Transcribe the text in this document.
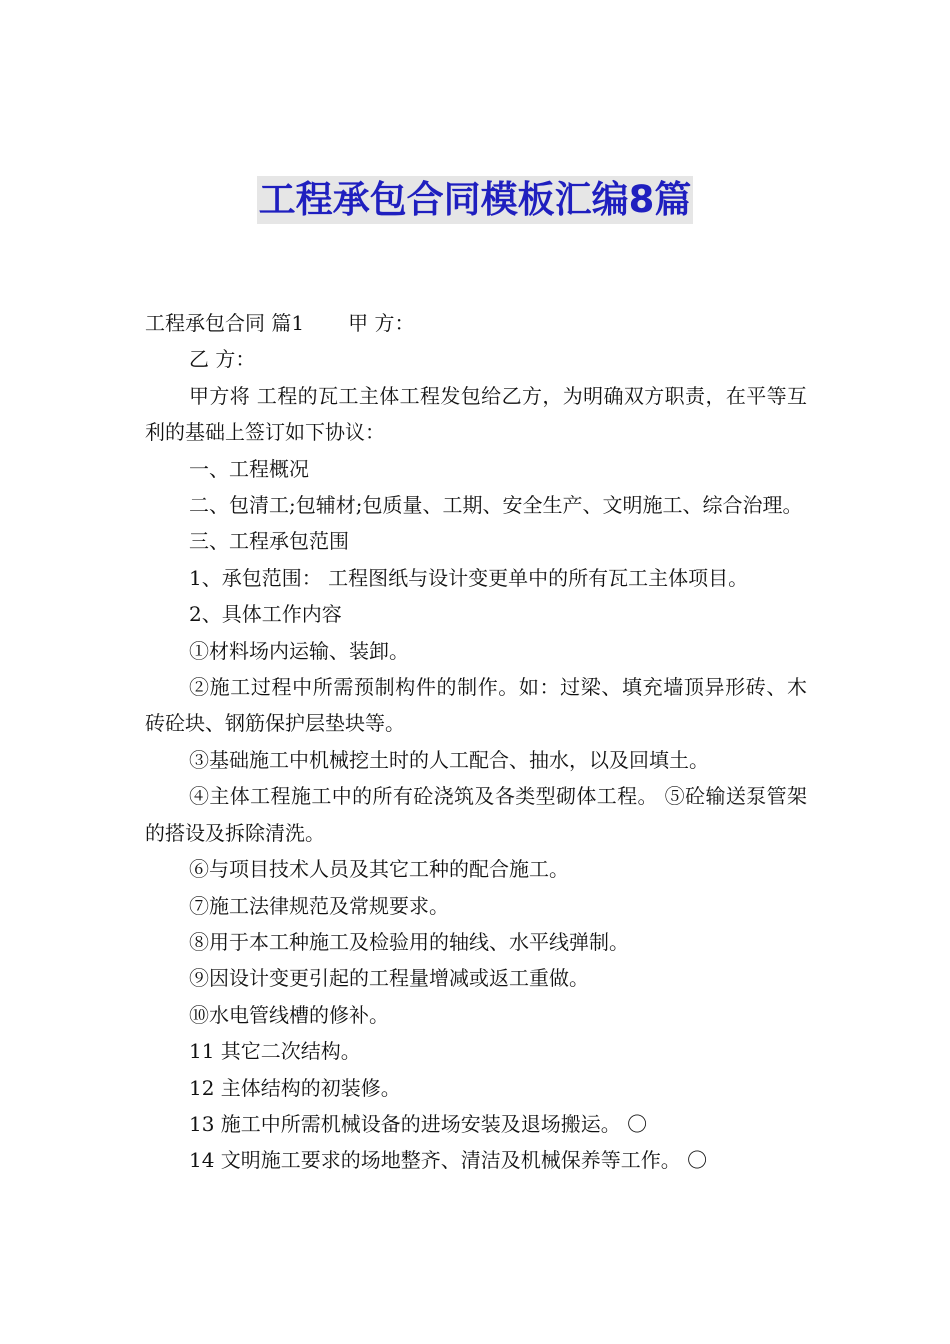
工程承包合同模板汇编8篇

工程承包合同 篇1 甲 方：

乙 方：

甲方将 工程的瓦工主体工程发包给乙方，为明确双方职责，在平等互利的基础上签订如下协议：

一、工程概况

二、包清工;包辅材;包质量、工期、安全生产、文明施工、综合治理。

三、工程承包范围

1、承包范围： 工程图纸与设计变更单中的所有瓦工主体项目。

2、具体工作内容

①材料场内运输、装卸。

②施工过程中所需预制构件的制作。如：过梁、填充墙顶异形砖、木砖砼块、钢筋保护层垫块等。

③基础施工中机械挖土时的人工配合、抽水，以及回填土。

④主体工程施工中的所有砼浇筑及各类型砌体工程。 ⑤砼输送泵管架的搭设及拆除清洗。

⑥与项目技术人员及其它工种的配合施工。

⑦施工法律规范及常规要求。

⑧用于本工种施工及检验用的轴线、水平线弹制。

⑨因设计变更引起的工程量增减或返工重做。

⑩水电管线槽的修补。

11 其它二次结构。

12 主体结构的初装修。

13 施工中所需机械设备的进场安装及退场搬运。 〇

14 文明施工要求的场地整齐、清洁及机械保养等工作。 〇
